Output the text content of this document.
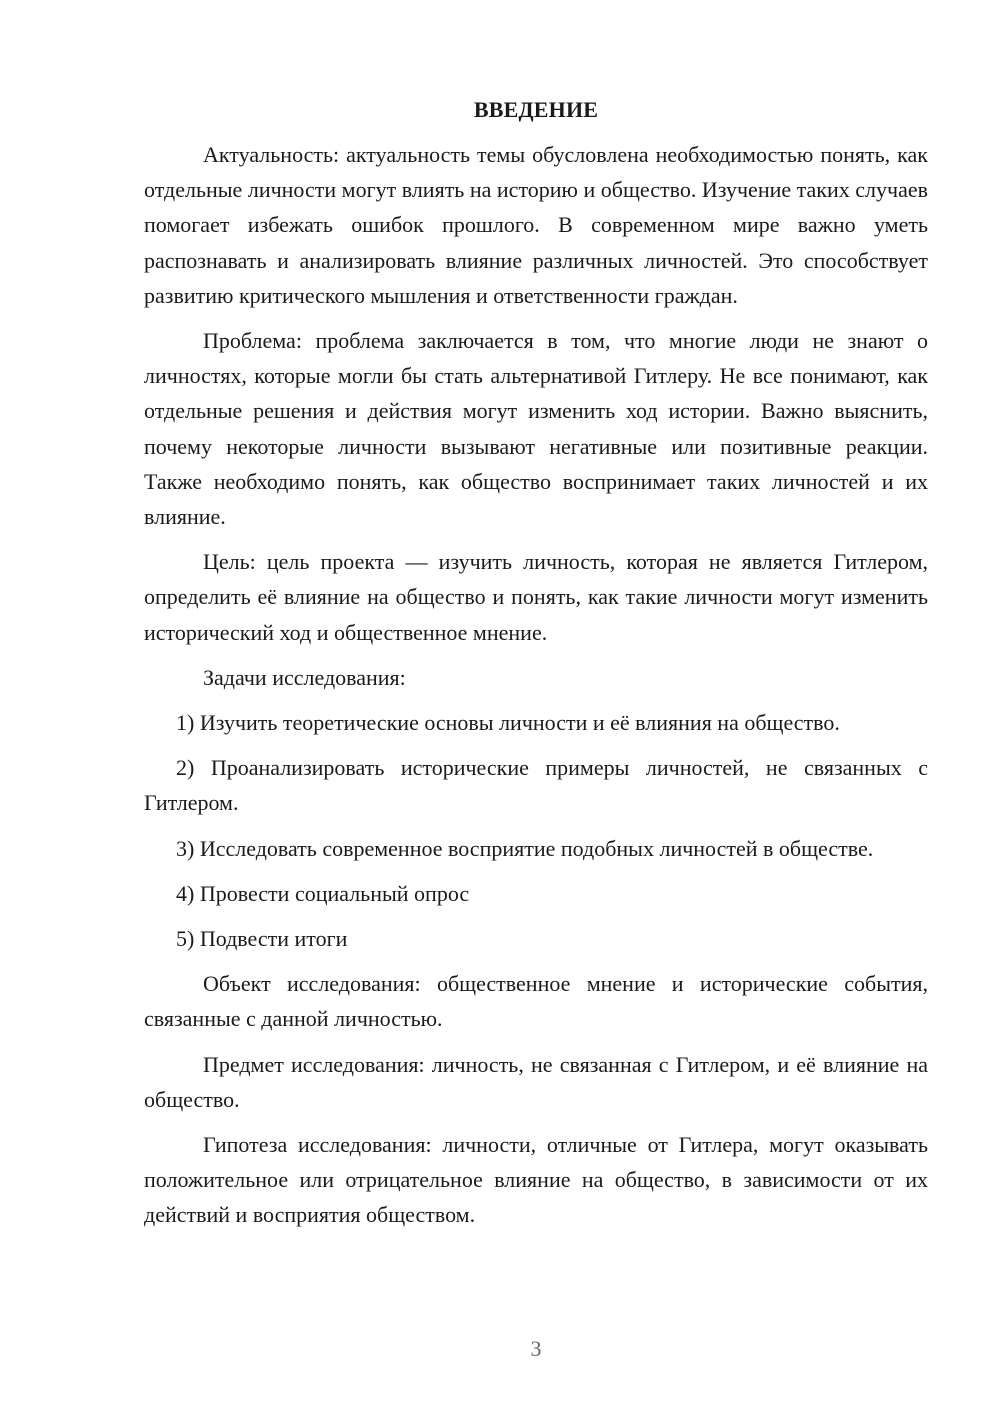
ВВЕДЕНИЕ

Актуальность: актуальность темы обусловлена необходимостью понять, как отдельные личности могут влиять на историю и общество. Изучение таких случаев помогает избежать ошибок прошлого. В современном мире важно уметь распознавать и анализировать влияние различных личностей. Это способствует развитию критического мышления и ответственности граждан.

Проблема: проблема заключается в том, что многие люди не знают о личностях, которые могли бы стать альтернативой Гитлеру. Не все понимают, как отдельные решения и действия могут изменить ход истории. Важно выяснить, почему некоторые личности вызывают негативные или позитивные реакции. Также необходимо понять, как общество воспринимает таких личностей и их влияние.

Цель: цель проекта — изучить личность, которая не является Гитлером, определить её влияние на общество и понять, как такие личности могут изменить исторический ход и общественное мнение.

Задачи исследования:

1) Изучить теоретические основы личности и её влияния на общество.

2) Проанализировать исторические примеры личностей, не связанных с Гитлером.

3) Исследовать современное восприятие подобных личностей в обществе.

4) Провести социальный опрос

5) Подвести итоги

Объект исследования: общественное мнение и исторические события, связанные с данной личностью.

Предмет исследования: личность, не связанная с Гитлером, и её влияние на общество.

Гипотеза исследования: личности, отличные от Гитлера, могут оказывать положительное или отрицательное влияние на общество, в зависимости от их действий и восприятия обществом.

3
